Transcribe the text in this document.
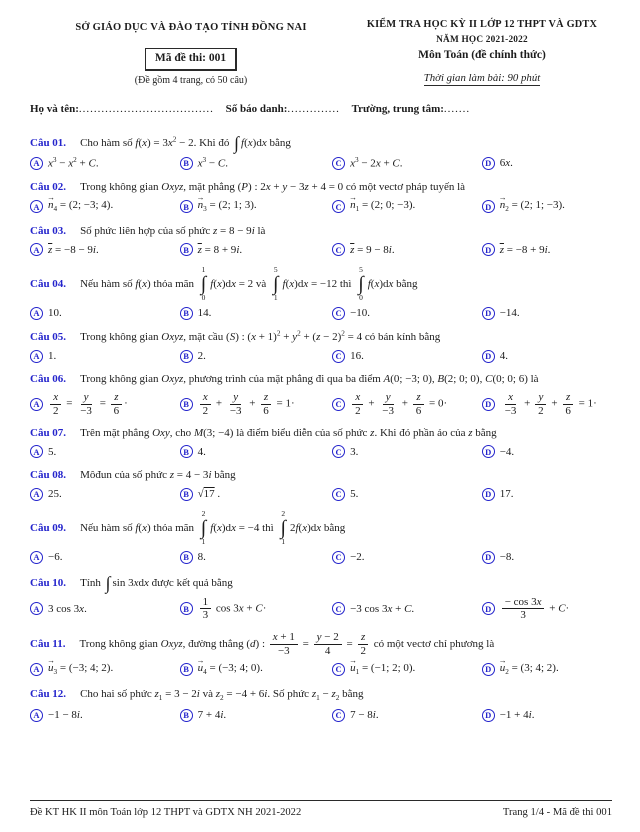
SỞ GIÁO DỤC VÀ ĐÀO TẠO TỈNH ĐỒNG NAI
Mã đề thi: 001
(Đề gồm 4 trang, có 50 câu)
KIỂM TRA HỌC KỲ II LỚP 12 THPT VÀ GDTX
NĂM HỌC 2021-2022
Môn Toán (đề chính thức)
Thời gian làm bài: 90 phút
Họ và tên:.................................... Số báo danh:.............. Trường, trung tâm:.......

Câu 01. Cho hàm số $f(x) = 3x^2 - 2$. Khi đó ∫ f(x)dx bằng

A $x^3 - x^2 + C$.	B $x^3 - C$.	C $x^3 - 2x + C$.	D 6x.

Câu 02. Trong không gian Oxyz, mặt phẳng (P) : 2x + y − 3z + 4 = 0 có một vectơ pháp tuyến là

$A \to n_4 = (2$; −3; 4).	$B \to n_3 = (2$; 1; 3).	$C \to n_1 = (2$; 0; −3).	$D \to n_2 = (2$; 1; −3).

Câu 03. Số phức liên hợp của số phức z = 8 − 9i là

A $\overline{z} = -8 - 9i$.	B $\overline{z} = 8 + 9i$.	C $\overline{z} = 9 - 8i$.	D $\overline{z} = -8 + 9i$.

Câu 04. Nếu hàm số f(x) thỏa mãn
1
∫
0
f(x)dx = 2 và
5
∫
1
f(x)dx = −12 thì
5
∫
0
f(x)dx bằng

A 10.	B 14.	C −10.	D −14.

Câu 05. Trong không gian Oxyz, mặt cầu (S) : $(x + 1)^2 + y^2 + (z - 2)^2 = 4$ có bán kính bằng

A 1.	B 2.	C 16.	D 4.

Câu 06. Trong không gian Oxyz, phương trình của mặt phẳng đi qua ba điểm A(0; −3; 0), B(2; 0; 0), C(0; 0; 6) là

A $\frac{x}{2} = \frac{y}{-3} = \frac{z}{6}$ ·	B $\frac{x}{2} + \frac{y}{-3} + \frac{z}{6} = 1\cdot$	C $\frac{x}{2} + \frac{y}{-3} + \frac{z}{6} = 0\cdot$	D $\frac{x}{-3} + \frac{y}{2} + \frac{z}{6} = 1\cdot$

Câu 07. Trên mặt phẳng Oxy, cho M(3; −4) là điểm biểu diễn của số phức z. Khi đó phần ảo của z bằng

A 5.	B 4.	C 3.	D −4.

Câu 08. Môđun của số phức z = 4 − 3i bằng

A 25.	B √17 .	C 5.	D 17.

Câu 09. Nếu hàm số f(x) thỏa mãn
2
∫
1
f(x)dx = −4 thì
2
∫
1
2f(x)dx bằng

A −6.	B 8.	C −2.	D −8.

Câu 10. Tính ∫ sin 3xdx được kết quả bằng

A 3 cos 3x.	B $\frac{1}{3}$ cos 3x + C·	C −3 cos 3x + C.	D $\frac{- \cos 3x}{3} + C\cdot$

Câu 11. Trong không gian Oxyz, đường thẳng (d) : $\frac{x + 1}{-3} = \frac{y - 2}{4} = \frac{z}{2}$ có một vectơ chỉ phương là

$A \to u_3 = (-3$; 4; 2).	$B \to u_4 = (-3$; 4; 0).	$C \to u_1 = (-1$; 2; 0).	$D \to u_2 = (3$; 4; 2).

Câu 12. Cho hai số phức $z_1 = 3 - 2i$ và $z_2 = -4 + 6i$. Số phức $z_1 - z_2$ bằng

A −1 − 8i.	B 7 + 4i.	C 7 − 8i.	D −1 + 4i.
Đề KT HK II môn Toán lớp 12 THPT và GDTX NH 2021-2022	Trang 1/4 - Mã đề thi 001
